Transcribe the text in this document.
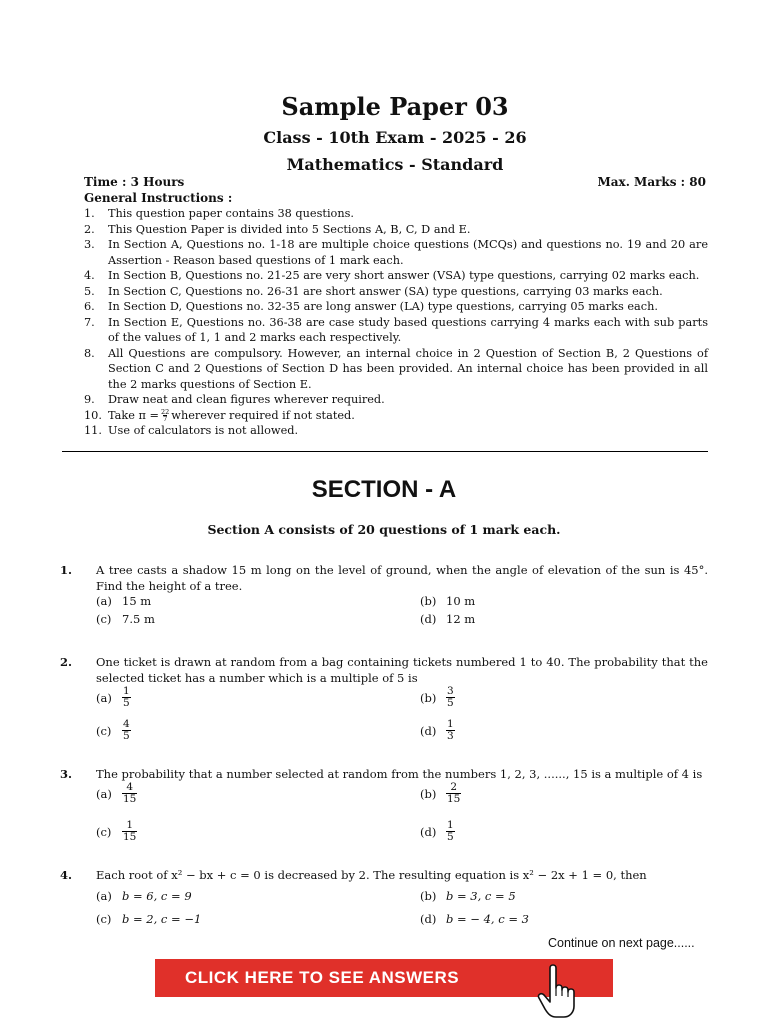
Sample Paper 03
Class - 10th Exam - 2025 - 26
Mathematics - Standard
Time : 3 Hours	Max. Marks : 80
General Instructions :
1. This question paper contains 38 questions.
2. This Question Paper is divided into 5 Sections A, B, C, D and E.
3. In Section A, Questions no. 1-18 are multiple choice questions (MCQs) and questions no. 19 and 20 are Assertion - Reason based questions of 1 mark each.
4. In Section B, Questions no. 21-25 are very short answer (VSA) type questions, carrying 02 marks each.
5. In Section C, Questions no. 26-31 are short answer (SA) type questions, carrying 03 marks each.
6. In Section D, Questions no. 32-35 are long answer (LA) type questions, carrying 05 marks each.
7. In Section E, Questions no. 36-38 are case study based questions carrying 4 marks each with sub parts of the values of 1, 1 and 2 marks each respectively.
8. All Questions are compulsory. However, an internal choice in 2 Question of Section B, 2 Questions of Section C and 2 Questions of Section D has been provided. An internal choice has been provided in all the 2 marks questions of Section E.
9. Draw neat and clean figures wherever required.
10. Take $\pi = \frac{22}{7}$ wherever required if not stated.
11. Use of calculators is not allowed.
SECTION - A
Section A consists of 20 questions of 1 mark each.
1. A tree casts a shadow 15 m long on the level of ground, when the angle of elevation of the sun is 45°. Find the height of a tree.
(a) 15 m	(b) 10 m
(c) 7.5 m	(d) 12 m
2. One ticket is drawn at random from a bag containing tickets numbered 1 to 40. The probability that the selected ticket has a number which is a multiple of 5 is
$(a) \frac{1}{5}$	$(b) \frac{3}{5}$
(c)	$\frac{4}{5}$	$(d) \frac{1}{3}$
3. The probability that a number selected at random from the numbers 1, 2, 3, ......, 15 is a multiple of 4 is
$(a) \frac{4}{15}$	$(b) \frac{2}{15}$
(c)	$\frac{1}{15}$	$(d) \frac{1}{5}$
4. Each root of x² − bx + c = 0 is decreased by 2. The resulting equation is x² − 2x + 1 = 0, then
(a) b = 6, c = 9	(b) b = 3, c = 5
(c) b = 2, c = −1	(d) b = − 4, c = 3
Continue on next page......
CLICK HERE TO SEE ANSWERS
